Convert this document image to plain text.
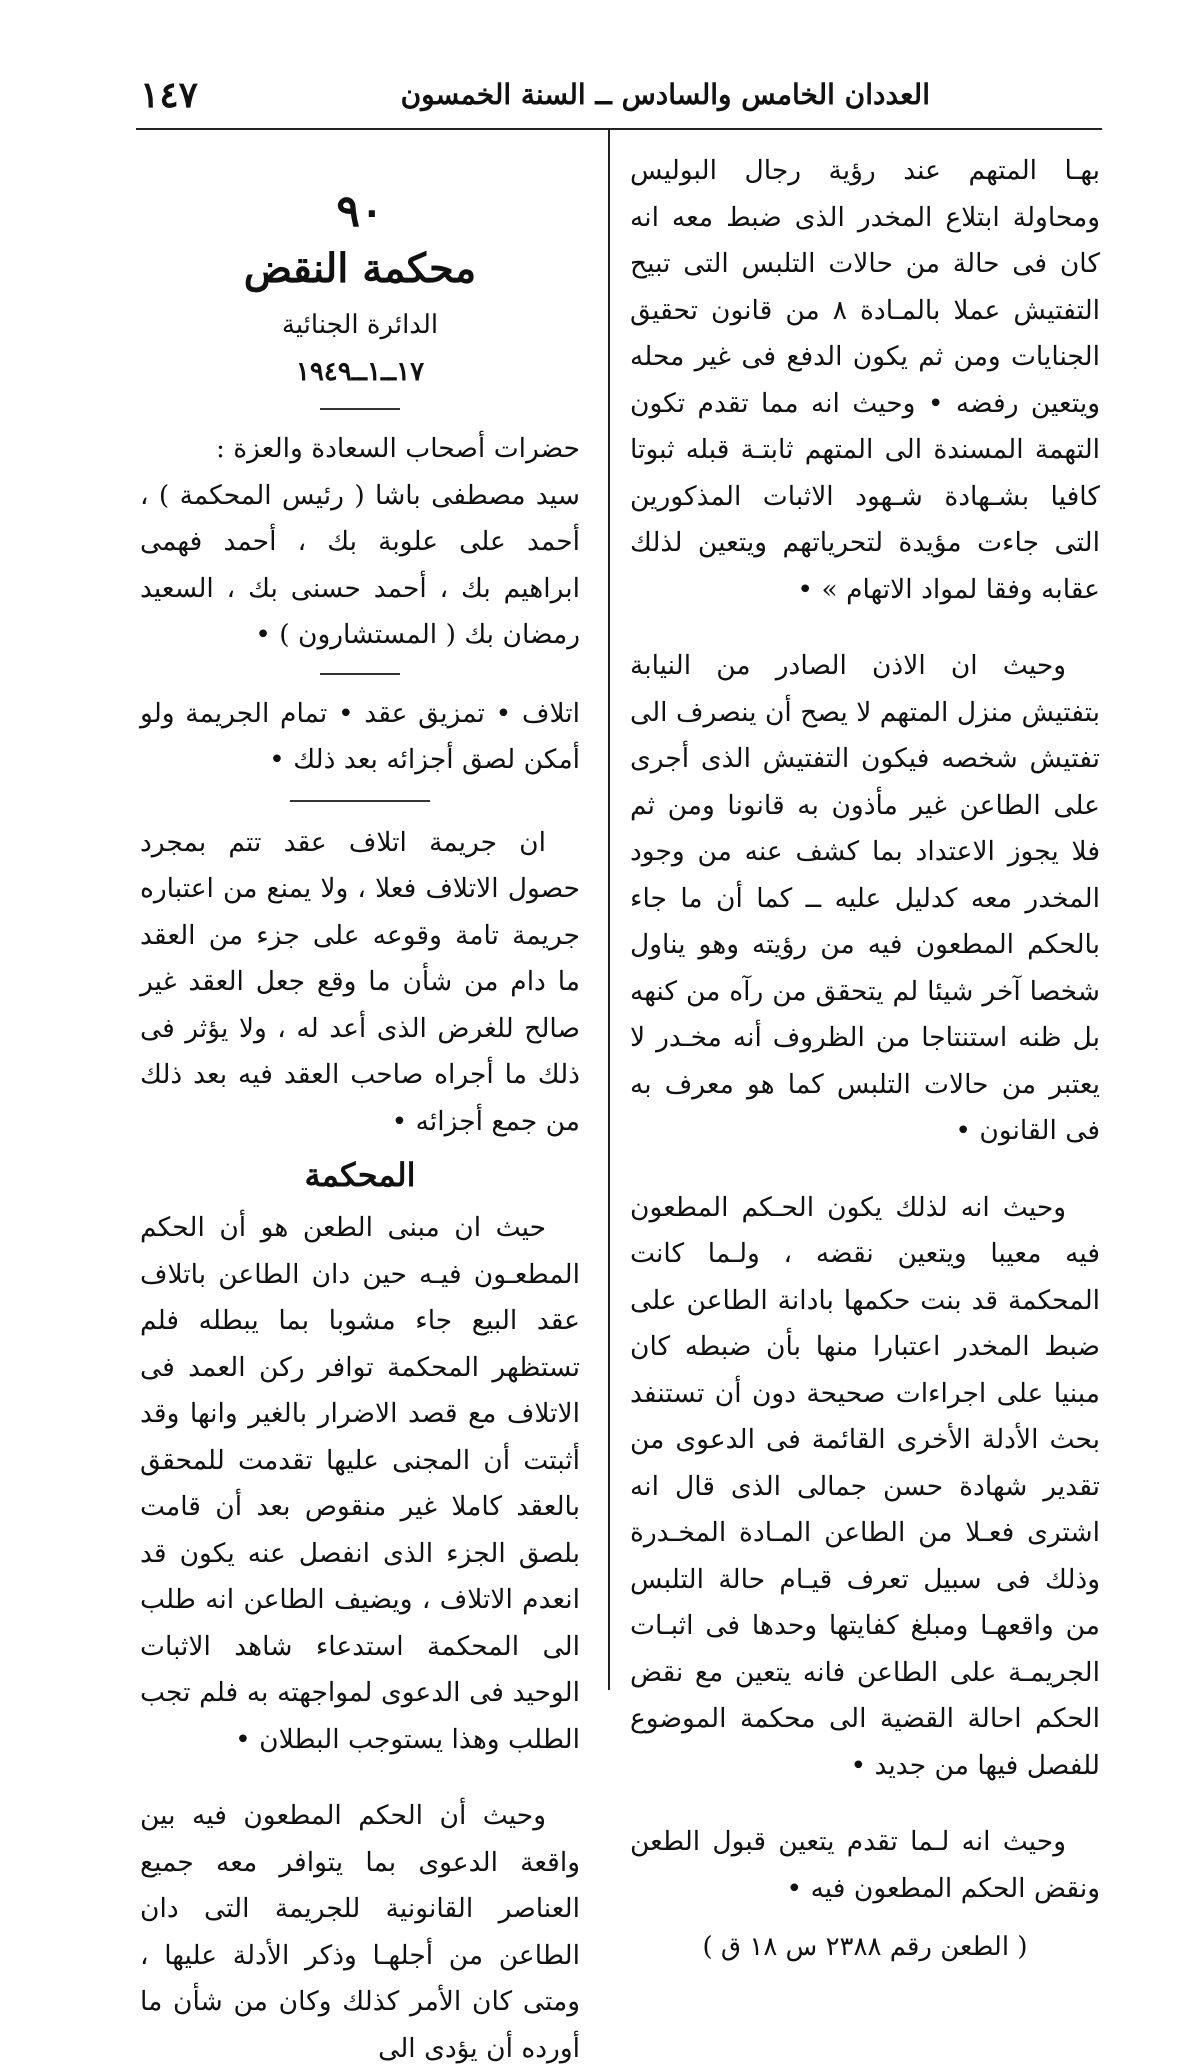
العددان الخامس والسادس ــ السنة الخمسون
١٤٧

بهـا المتهم عند رؤية رجال البوليس ومحاولة ابتلاع المخدر الذى ضبط معه انه كان فى حالة من حالات التلبس التى تبيح التفتيش عملا بالمـادة ٨ من قانون تحقيق الجنايات ومن ثم يكون الدفع فى غير محله ويتعين رفضه • وحيث انه مما تقدم تكون التهمة المسندة الى المتهم ثابتـة قبله ثبوتا كافيا بشـهادة شـهود الاثبات المذكورين التى جاءت مؤيدة لتحرياتهم ويتعين لذلك عقابه وفقا لمواد الاتهام » •

وحيث ان الاذن الصادر من النيابة بتفتيش منزل المتهم لا يصح أن ينصرف الى تفتيش شخصه فيكون التفتيش الذى أجرى على الطاعن غير مأذون به قانونا ومن ثم فلا يجوز الاعتداد بما كشف عنه من وجود المخدر معه كدليل عليه ــ كما أن ما جاء بالحكم المطعون فيه من رؤيته وهو يناول شخصا آخر شيئا لم يتحقق من رآه من كنهه بل ظنه استنتاجا من الظروف أنه مخـدر لا يعتبر من حالات التلبس كما هو معرف به فى القانون •

وحيث انه لذلك يكون الحـكم المطعون فيه معيبا ويتعين نقضه ، ولـما كانت المحكمة قد بنت حكمها بادانة الطاعن على ضبط المخدر اعتبارا منها بأن ضبطه كان مبنيا على اجراءات صحيحة دون أن تستنفد بحث الأدلة الأخرى القائمة فى الدعوى من تقدير شهادة حسن جمالى الذى قال انه اشترى فعـلا من الطاعن المـادة المخـدرة وذلك فى سبيل تعرف قيـام حالة التلبس من واقعهـا ومبلغ كفايتها وحدها فى اثبـات الجريمـة على الطاعن فانه يتعين مع نقض الحكم احالة القضية الى محكمة الموضوع للفصل فيها من جديد •

وحيث انه لـما تقدم يتعين قبول الطعن ونقض الحكم المطعون فيه •

( الطعن رقم ٢٣٨٨ س ١٨ ق )
٩٠
محكمة النقض
الدائرة الجنائية
١٧ــ١ــ١٩٤٩

حضرات أصحاب السعادة والعزة :

سيد مصطفى باشا ( رئيس المحكمة ) ، أحمد على علوبة بك ، أحمد فهمى ابراهيم بك ، أحمد حسنى بك ، السعيد رمضان بك ( المستشارون ) •

اتلاف • تمزيق عقد • تمام الجريمة ولو أمكن لصق أجزائه بعد ذلك •

ان جريمة اتلاف عقد تتم بمجرد حصول الاتلاف فعلا ، ولا يمنع من اعتباره جريمة تامة وقوعه على جزء من العقد ما دام من شأن ما وقع جعل العقد غير صالح للغرض الذى أعد له ، ولا يؤثر فى ذلك ما أجراه صاحب العقد فيه بعد ذلك من جمع أجزائه •

المحكمة

حيث ان مبنى الطعن هو أن الحكم المطعـون فيـه حين دان الطاعن باتلاف عقد البيع جاء مشوبا بما يبطله فلم تستظهر المحكمة توافر ركن العمد فى الاتلاف مع قصد الاضرار بالغير وانها وقد أثبتت أن المجنى عليها تقدمت للمحقق بالعقد كاملا غير منقوص بعد أن قامت بلصق الجزء الذى انفصل عنه يكون قد انعدم الاتلاف ، ويضيف الطاعن انه طلب الى المحكمة استدعاء شاهد الاثبات الوحيد فى الدعوى لمواجهته به فلم تجب الطلب وهذا يستوجب البطلان •

وحيث أن الحكم المطعون فيه بين واقعة الدعوى بما يتوافر معه جميع العناصر القانونية للجريمة التى دان الطاعن من أجلهـا وذكر الأدلة عليها ، ومتى كان الأمر كذلك وكان من شأن ما أورده أن يؤدى الى
